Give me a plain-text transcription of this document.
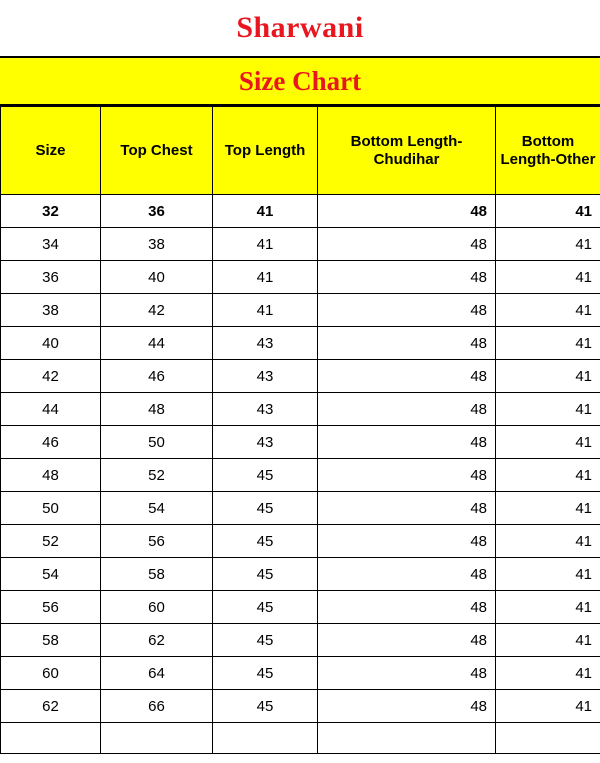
Sharwani
Size Chart
Size	Top Chest	Top Length	Bottom Length-Chudihar	Bottom Length-Other
32	36	41	48	41
34	38	41	48	41
36	40	41	48	41
38	42	41	48	41
40	44	43	48	41
42	46	43	48	41
44	48	43	48	41
46	50	43	48	41
48	52	45	48	41
50	54	45	48	41
52	56	45	48	41
54	58	45	48	41
56	60	45	48	41
58	62	45	48	41
60	64	45	48	41
62	66	45	48	41
